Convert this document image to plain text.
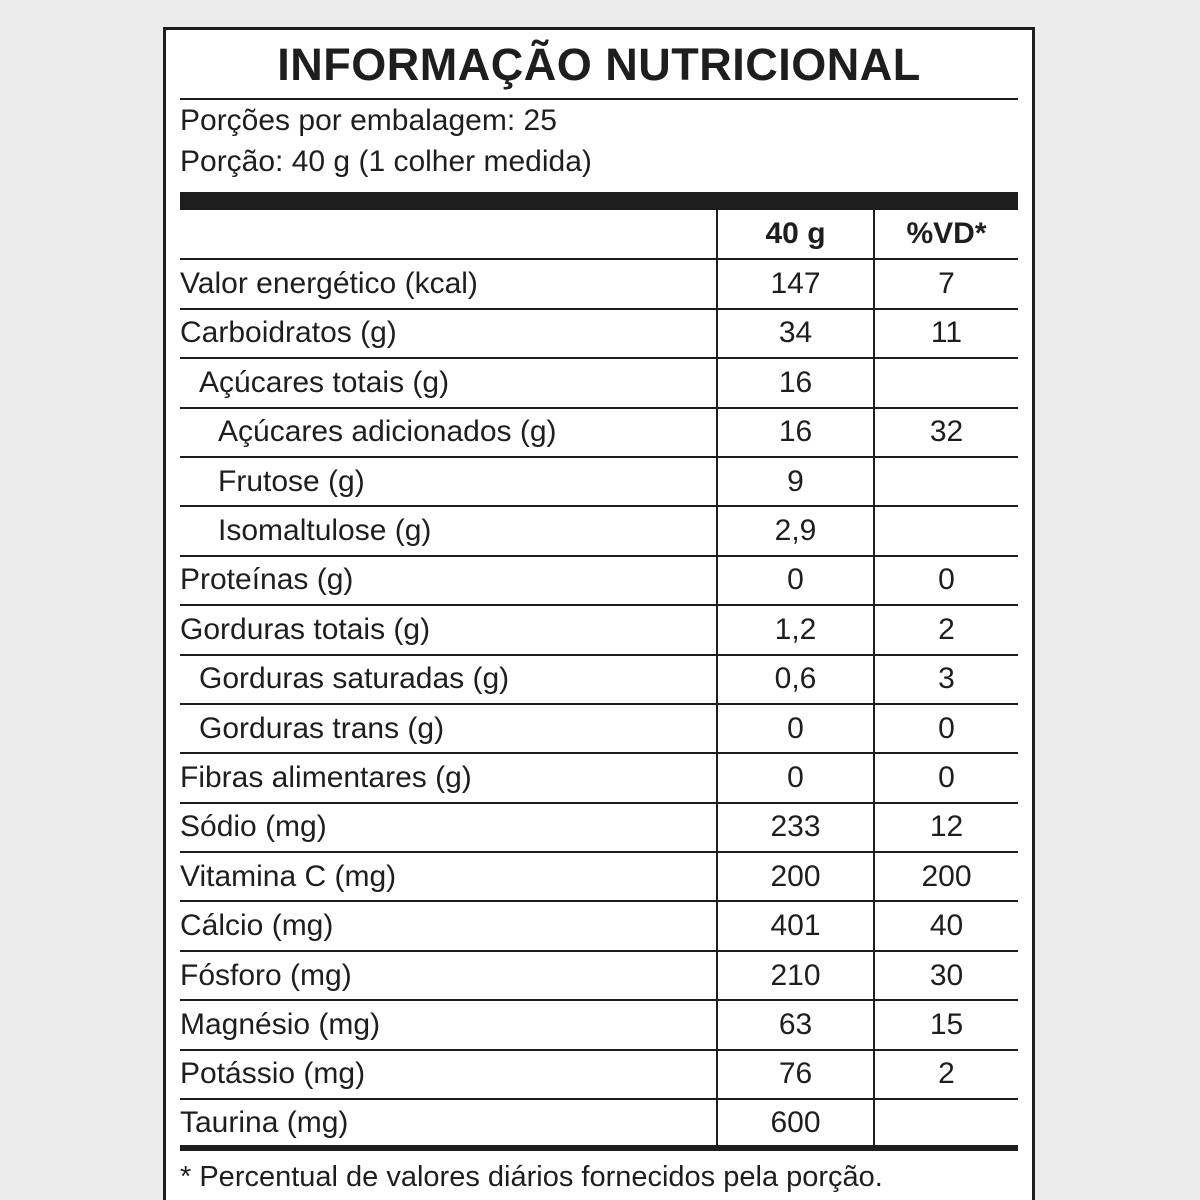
INFORMAÇÃO NUTRICIONAL
Porções por embalagem: 25
Porção: 40 g (1 colher medida)
	40 g	%VD*
Valor energético (kcal)	147	7
Carboidratos (g)	34	11
Açúcares totais (g)	16	
Açúcares adicionados (g)	16	32
Frutose (g)	9	
Isomaltulose (g)	2,9	
Proteínas (g)	0	0
Gorduras totais (g)	1,2	2
Gorduras saturadas (g)	0,6	3
Gorduras trans (g)	0	0
Fibras alimentares (g)	0	0
Sódio (mg)	233	12
Vitamina C (mg)	200	200
Cálcio (mg)	401	40
Fósforo (mg)	210	30
Magnésio (mg)	63	15
Potássio (mg)	76	2
Taurina (mg)	600	
* Percentual de valores diários fornecidos pela porção.
